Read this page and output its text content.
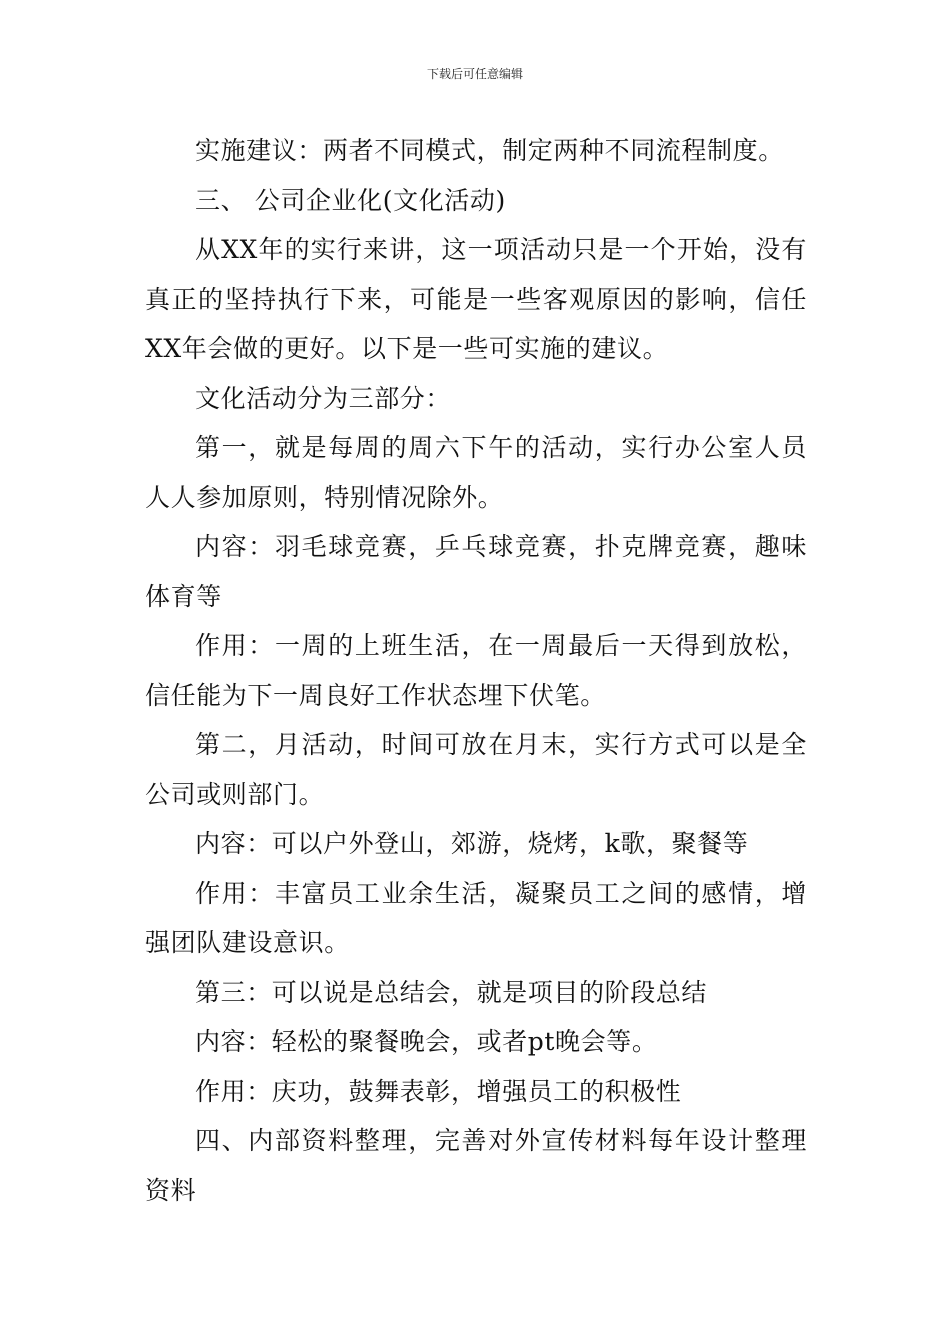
下载后可任意编辑

实施建议：两者不同模式，制定两种不同流程制度。

三、 公司企业化(文化活动)

从XX年的实行来讲，这一项活动只是一个开始，没有真正的坚持执行下来，可能是一些客观原因的影响，信任XX年会做的更好。以下是一些可实施的建议。

文化活动分为三部分：

第一，就是每周的周六下午的活动，实行办公室人员人人参加原则，特别情况除外。

内容：羽毛球竞赛，乒乓球竞赛，扑克牌竞赛，趣味体育等

作用：一周的上班生活，在一周最后一天得到放松，信任能为下一周良好工作状态埋下伏笔。

第二，月活动，时间可放在月末，实行方式可以是全公司或则部门。

内容：可以户外登山，郊游，烧烤，k歌，聚餐等

作用：丰富员工业余生活，凝聚员工之间的感情，增强团队建设意识。

第三：可以说是总结会，就是项目的阶段总结

内容：轻松的聚餐晚会，或者pt晚会等。

作用：庆功，鼓舞表彰，增强员工的积极性

四、内部资料整理，完善对外宣传材料每年设计整理资料
